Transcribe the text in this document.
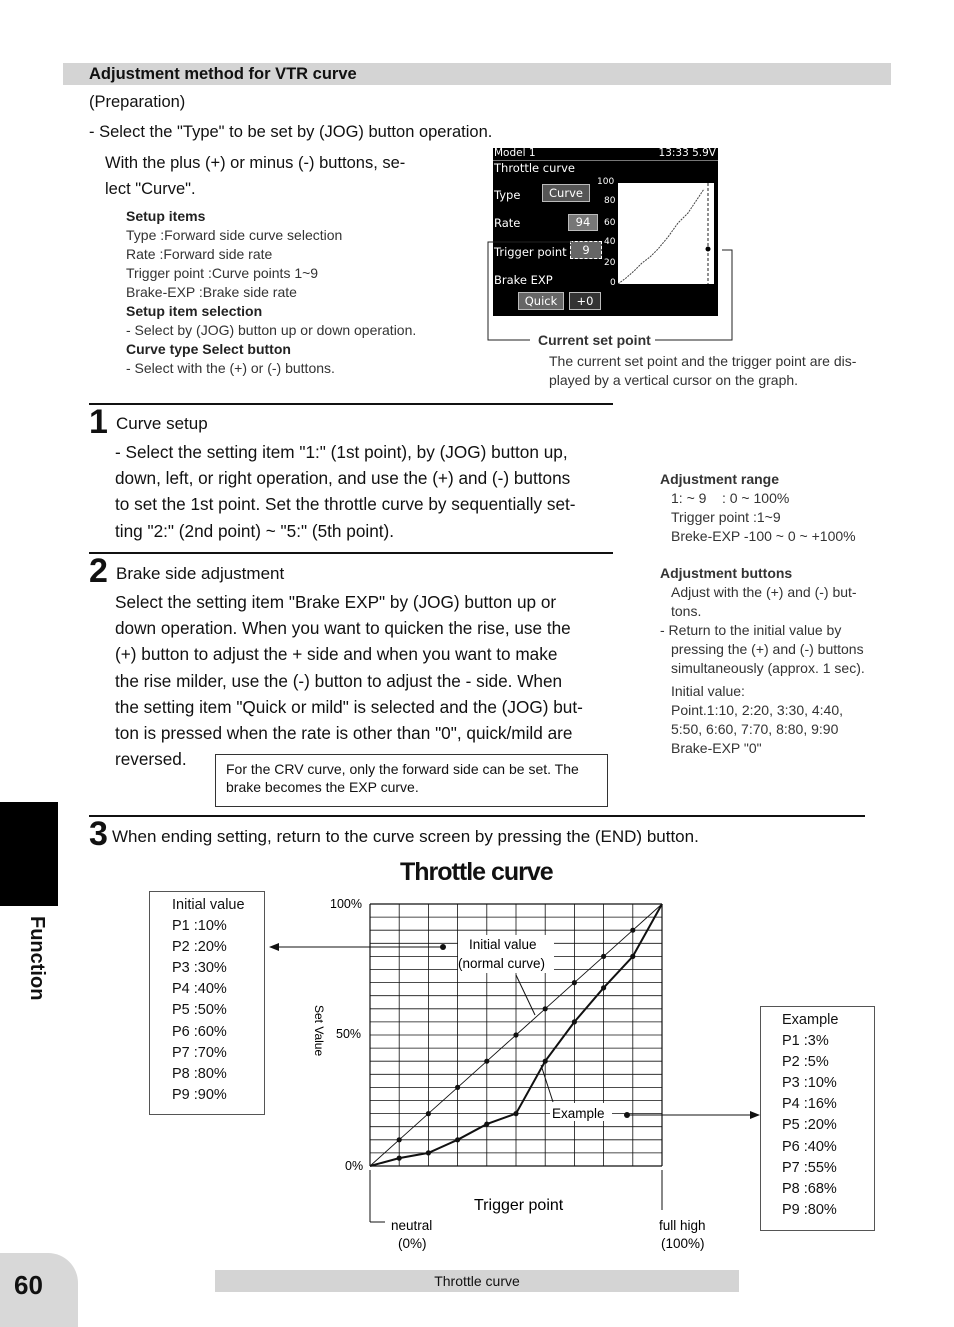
Adjustment method for VTR curve
(Preparation)
- Select the "Type" to be set by (JOG) button operation.
With the plus (+) or minus (-) buttons, se-
lect "Curve".
Setup items
Type :Forward side curve selection
Rate :Forward side rate
Trigger point :Curve points 1~9
Brake-EXP :Brake side rate
Setup item selection
- Select by (JOG) button up or down operation.
Curve type Select button
- Select with the (+) or (-) buttons.
Model 1	13:33 5.9V
Throttle curve
Type	Curve
Rate	94
Trigger point	9
Brake EXP
Quick	+0
100
80
60
40
20
0
Current set point
The current set point and the trigger point are dis-
played by a vertical cursor on the graph.
1 Curve setup
- Select the setting item "1:" (1st point), by (JOG) button up,
down, left, or right operation, and use the (+) and (-) buttons
to set the 1st point. Set the throttle curve by sequentially set-
ting "2:" (2nd point) ~ "5:" (5th point).
2 Brake side adjustment
Select the setting item "Brake EXP" by (JOG) button up or
down operation. When you want to quicken the rise, use the
(+) button to adjust the + side and when you want to make
the rise milder, use the (-) button to adjust the - side. When
the setting item "Quick or mild" is selected and the (JOG) but-
ton is pressed when the rate is other than "0", quick/mild are
reversed.	For the CRV curve, only the forward side can be set. The
brake becomes the EXP curve.
Adjustment range
1: ~ 9    : 0 ~ 100%
Trigger point :1~9
Breke-EXP -100 ~ 0 ~ +100%
Adjustment buttons
Adjust with the (+) and (-) but-
tons.
- Return to the initial value by
pressing the (+) and (-) buttons
simultaneously (approx. 1 sec).
Initial value:
Point.1:10, 2:20, 3:30, 4:40,
5:50, 6:60, 7:70, 8:80, 9:90
Brake-EXP "0"
3 When ending setting, return to the curve screen by pressing the (END) button.
Function
Throttle curve
Initial value
P1 :10%
P2 :20%
P3 :30%
P4 :40%
P5 :50%
P6 :60%
P7 :70%
P8 :80%
P9 :90%
Example
P1 :3%
P2 :5%
P3 :10%
P4 :16%
P5 :20%
P6 :40%
P7 :55%
P8 :68%
P9 :80%
100%
50%
0%
Set Value
Initial value
(normal curve)
Example
Trigger point
neutral
(0%)
full high
(100%)
60	Throttle curve
